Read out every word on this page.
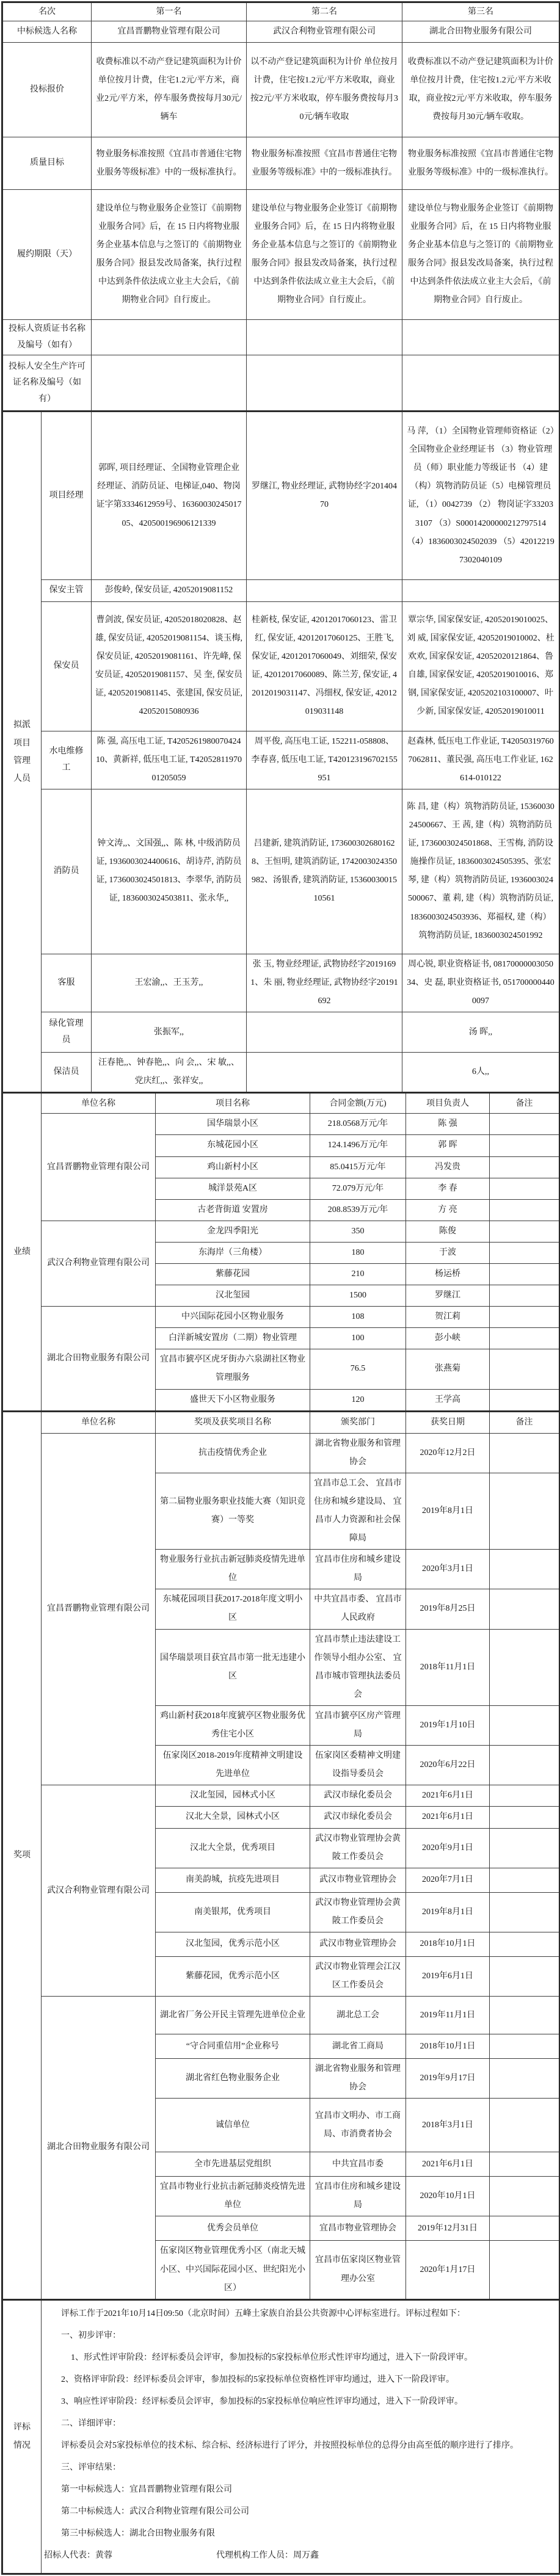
名次		第一名		第二名		第三名		
中标候选人名称		宜昌晋鹏物业管理有限公司		武汉合利物业管理有限公司		湖北合田物业服务有限公司		
投标报价		收费标准以不动产登记建筑面积为计价单位按月计费，住宅1.2元/平方米，商业2元/平方米，停车服务费按每月30元/辆车		以不动产登记建筑面积为计价 单位按月计费，住宅按1.2元/平方米收取，商业按2元/平方米收取，停车服务费按每月30元/辆车收取		收费标准以不动产登记建筑面积为计价单位按月计费，住宅按1.2元/平方米收取，商业按2元/平方米收取，停车服务费按每月30元/辆车收取。		
质量目标		物业服务标准按照《宜昌市普通住宅物业服务等级标准》中的一级标准执行。		物业服务标准按照《宜昌市普通住宅物业服务等级标准》中的一级标准执行。		物业服务标准按照《宜昌市普通住宅物业服务等级标准》中的一级标准执行。		
履约期限（天）		建设单位与物业服务企业签订《前期物业服务合同》后，在 15 日内将物业服务企业基本信息与之签订的《前期物业服务合同》报县发改局备案，执行过程中达到条件依法成立业主大会后，《前期物业合同》自行废止。		建设单位与物业服务企业签订《前期物业服务合同》后，在 15 日内将物业服务企业基本信息与之签订的《前期物业服务合同》报县发改局备案，执行过程中达到条件依法成立业主大会后，《前期物业合同》自行废止。		建设单位与物业服务企业签订《前期物业服务合同》后，在 15 日内将物业服务企业基本信息与之签订的《前期物业服务合同》报县发改局备案，执行过程中达到条件依法成立业主大会后，《前期物业合同》自行废止。		
投标人资质证书名称及编号（如有）								
投标人安全生产许可证名称及编号（如有）								
拟派项目管理人员	项目经理	郭晖, 项目经理证、全国物业管理企业经理证、消防员证、电梯证,040、物岗证字第3334612959号、1636003024501705、420500196906121339		罗继江, 物业经理证, 武物协经字20140470		马 萍, （1）全国物业管理师资格证（2）全国物业企业经理证书 （3）物业管理员（师）职业能力等级证书 （4）建（构）筑物消防员证（5）电梯管理员证, （1）0042739 （2） 物岗证字332033107 （3）S00014200000212797514 （4）1836003024502039 （5）420122197302040109		
	保安主管	彭俊岭, 保安员证, 42052019081152						
	保安员	曹剑波, 保安员证, 42052018020828、赵 雄, 保安员证, 42052019081154、谈玉梅, 保安员证, 42052019081161、许先峰, 保安员证, 42052019081157、吴 奎, 保安员证, 42052019081145、张建国, 保安员证, 42052015080936		桂新枝, 保安证, 42012017060123、雷卫红, 保安证, 42012017060125、王胜飞, 保安证, 42012017060049、刘细荣, 保安证, 42012017060089、陈兰芳, 保安证, 42012019031147、冯细权, 保安证, 42012019031148		覃宗华, 国家保安证, 42052019010025、刘 威, 国家保安证, 42052019010002、杜欢欢, 国家保安证, 42052020121864、鲁自雄, 国家保安证, 42052019010016、郑 钢, 国家保安证, 4205202103100007、叶少新, 国家保安证, 42052019010011		
	水电维修工	陈 强, 高压电工证, T420526198007042410、黄新祥, 低压电工证, T4205281197001205059		周平俊, 高压电工证, 152211-058808、李春喜, 低压电工证, T420123196702155951		赵森林, 低压电工作业证, T420503197607062811、董民强, 高压电工作业证, 162614-010122		
	消防员	钟文涛,,、文国强,,、陈 林, 中级消防员证, 1936003024400616、胡诗芹, 消防员证, 1736003024501813、李翠华, 消防员证, 1836003024503811、张永华,,		吕建新, 建筑消防证, 1736003026801628、王恒明, 建筑消防证, 1742003024350982、汤银香, 建筑消防证, 1536003001510561		陈 昌, 建（构）筑物消防员证, 1536003024500667、王 茜, 建（构）筑物消防员证, 1736003024501868、王雪梅, 消防设施操作员证, 1836003024505395、张宏琴, 建（构）筑物消防员证, 1936003024500067、董 莉, 建（构）筑物消防员证, 1836003024503936、郑福权, 建（构）筑物消防员证, 1836003024501992		
	客服	王宏渝,,、王玉芳,,		张 玉, 物业经理证, 武物协经字20191691、朱 丽, 物业经理证, 武物协经字20191692		周心锐, 职业资格证书, 0817000000305034、史 磊, 职业资格证书, 0517000004400097		
	绿化管理员	张振军,,				汤 晖,,		
	保洁员	汪春艳,,、钟春艳,,、向 会,,、宋 敏,,、党庆红,,、张祥安,,				6人,,		
业绩	单位名称		项目名称		合同金额(万元)		项目负责人	备注
	宜昌晋鹏物业管理有限公司		国华瑞景小区		218.0568万元/年		陈 强	
			东城花园小区		124.1496万元/年		郭 晖	
			鸡山新村小区		85.0415万元/年		冯发贵	
			城洋景苑A区		72.079万元/年		李 春	
			古老背街道 安置房		208.8539万元/年		方 亮	
	武汉合利物业管理有限公司		金龙四季阳光		350		陈俊	
			东海岸（三角楼）		180		于波	
			紫藤花园		210		杨运桥	
			汉北玺园		1500		罗继江	
	湖北合田物业服务有限公司		中兴国际花园小区物业服务		108		贺江莉	
			白洋新城安置房（二期）物业管理		100		彭小峡	
			宜昌市猇亭区虎牙街办六泉湖社区物业管理服务		76.5		张燕菊	
			盛世天下小区物业服务		120		王学高	
奖项	单位名称		奖项及获奖项目名称		颁奖部门		获奖日期	备注
	宜昌晋鹏物业管理有限公司		抗击疫情优秀企业		湖北省物业服务和管理协会		2020年12月2日	
			第二届物业服务职业技能大赛（知识竞赛）一等奖		宜昌市总工会、 宜昌市住房和城乡建设局、 宜昌市人力资源和社会保障局		2019年8月1日	
			物业服务行业抗击新冠肺炎疫情先进单位		宜昌市住房和城乡建设局		2020年3月1日	
			东城花园项目获2017-2018年度文明小区		中共宜昌市委、 宜昌市人民政府		2019年8月25日	
			国华瑞景项目获宜昌市第一批无违建小区		宜昌市禁止违法建设工作领导小组办公室、 宜昌市城市管理执法委员会		2018年11月1日	
			鸡山新村获2018年度猇亭区物业服务优秀住宅小区		宜昌市猇亭区房产管理局		2019年1月10日	
			伍家岗区2018-2019年度精神文明建设先进单位		伍家岗区委精神文明建设指导委员会		2020年6月22日	
	武汉合利物业管理有限公司		汉北玺园，园林式小区		武汉市绿化委员会		2021年6月1日	
			汉北大全景，园林式小区		武汉市绿化委员会		2021年6月1日	
			汉北大全景，优秀项目		武汉市物业管理协会黄陂工作委员会		2020年9月1日	
			南美韵城，抗疫先进项目		武汉市物业管理协会		2020年7月1日	
			南美银邦，优秀项目		武汉市物业管理协会黄陂工作委员会		2019年8月1日	
			汉北玺园，优秀示范小区		武汉市物业管理协会		2018年10月1日	
			紫藤花园，优秀示范小区		武汉市物业管理会江汉区工作委员会		2019年6月1日	
	湖北合田物业服务有限公司		湖北省厂务公开民主管理先进单位企业		湖北总工会		2019年11月1日	
			“守合同重信用”企业称号		湖北省工商局		2018年10月1日	
			湖北省红色物业服务企业		湖北省物业服务和管理协会		2019年9月17日	
			诚信单位		宜昌市文明办、市工商局、市消费者协会		2018年3月1日	
			全市先进基层党组织		中共宜昌市委		2021年6月1日	
			宜昌市物业行业抗击新冠肺炎疫情先进单位		宜昌市住房和城乡建设局		2020年10月1日	
			优秀会员单位		宜昌市物业管理协会		2019年12月31日	
			伍家岗区物业管理优秀小区（南北天城小区、中兴国际花园小区、世纪阳光小区）		宜昌市伍家岗区物业管理办公室		2020年1月17日	
评标情况	
评标工作于2021年10月14日09:50（北京时间）五峰土家族自治县公共资源中心评标室进行。评标过程如下：
一、初步评审：
1、形式性评审阶段：经评标委员会评审，参加投标的5家投标单位形式性评审均通过，进入下一阶段评审。
2、资格评审阶段：经评标委员会评审，参加投标的5家投标单位资格性评审均通过，进入下一阶段评审。
3、响应性评审阶段：经评标委员会评审，参加投标的5家投标单位响应性评审均通过，进入下一阶段评审。
二、详细评审：
评标委员会对5家投标单位的技术标、综合标、经济标进行了评分，并按照投标单位的总得分由高至低的顺序进行了排序。
三、评审结果：
第一中标候选人：宜昌晋鹏物业管理有限公司
第二中标候选人：武汉合利物业管理有限公司公司
第三中标候选人：湖北合田物业服务有限
招标人代表：黄蓉	代理机构工作人员：周万鑫
